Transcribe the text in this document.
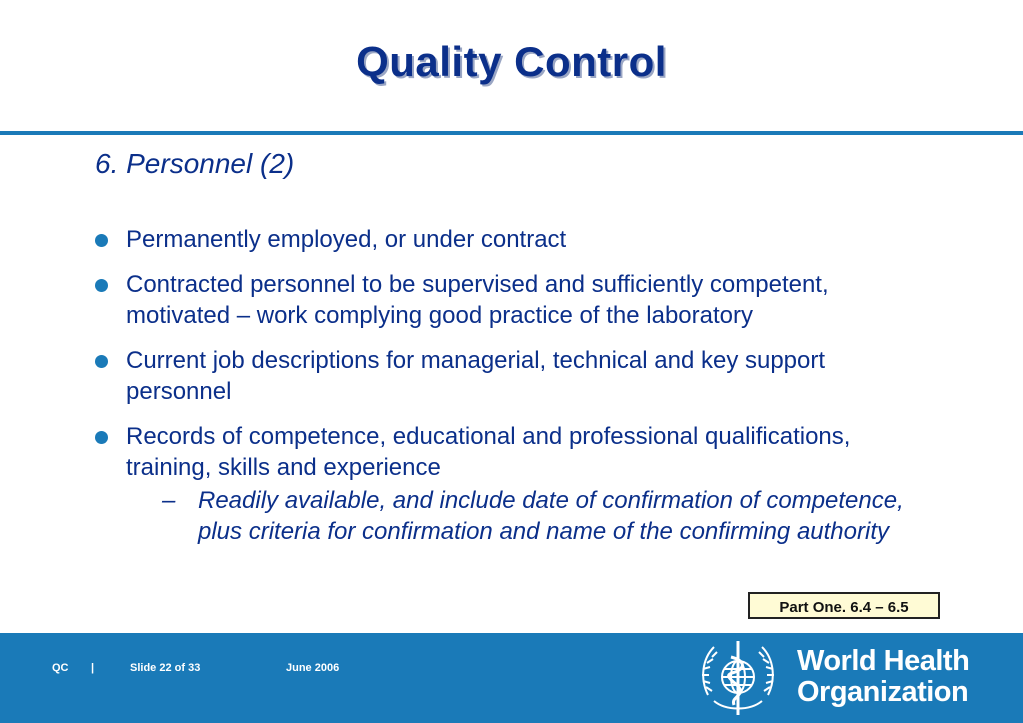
Quality Control
6. Personnel (2)
Permanently employed, or under contract
Contracted personnel to be supervised and sufficiently competent, motivated – work complying good practice of the laboratory
Current job descriptions for managerial, technical and key support personnel
Records of competence, educational and professional qualifications, training, skills and experience
– Readily available, and include date of confirmation of competence, plus criteria for confirmation and name of the confirming authority
Part One. 6.4 – 6.5
QC |	Slide 22 of 33	June 2006	World Health
Organization
